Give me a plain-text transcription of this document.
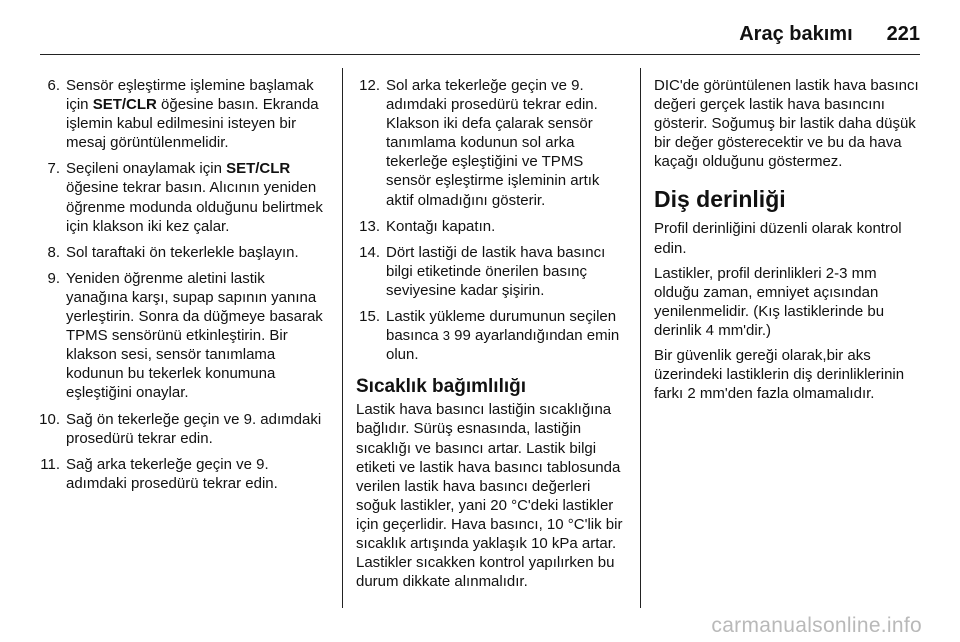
Araç bakımı 221
6. Sensör eşleştirme işlemine başlamak için SET/CLR öğesine basın. Ekranda işlemin kabul edilmesini isteyen bir mesaj görüntülenmelidir.
7. Seçileni onaylamak için SET/CLR öğesine tekrar basın. Alıcının yeniden öğrenme modunda olduğunu belirtmek için klakson iki kez çalar.
8. Sol taraftaki ön tekerlekle başlayın.
9. Yeniden öğrenme aletini lastik yanağına karşı, supap sapının yanına yerleştirin. Sonra da düğmeye basarak TPMS sensörünü etkinleştirin. Bir klakson sesi, sensör tanımlama kodunun bu tekerlek konumuna eşleştiğini onaylar.
10. Sağ ön tekerleğe geçin ve 9. adımdaki prosedürü tekrar edin.
11. Sağ arka tekerleğe geçin ve 9. adımdaki prosedürü tekrar edin.
12. Sol arka tekerleğe geçin ve 9. adımdaki prosedürü tekrar edin. Klakson iki defa çalarak sensör tanımlama kodunun sol arka tekerleğe eşleştiğini ve TPMS sensör eşleştirme işleminin artık aktif olmadığını gösterir.
13. Kontağı kapatın.
14. Dört lastiği de lastik hava basıncı bilgi etiketinde önerilen basınç seviyesine kadar şişirin.
15. Lastik yükleme durumunun seçilen basınca 3 99 ayarlandığından emin olun.
Sıcaklık bağımlılığı
Lastik hava basıncı lastiğin sıcaklığına bağlıdır. Sürüş esnasında, lastiğin sıcaklığı ve basıncı artar. Lastik bilgi etiketi ve lastik hava basıncı tablosunda verilen lastik hava basıncı değerleri soğuk lastikler, yani 20 °C'deki lastikler için geçerlidir. Hava basıncı, 10 °C'lik bir sıcaklık artışında yaklaşık 10 kPa artar. Lastikler sıcakken kontrol yapılırken bu durum dikkate alınmalıdır.
DIC'de görüntülenen lastik hava basıncı değeri gerçek lastik hava basıncını gösterir. Soğumuş bir lastik daha düşük bir değer gösterecektir ve bu da hava kaçağı olduğunu göstermez.
Diş derinliği
Profil derinliğini düzenli olarak kontrol edin.
Lastikler, profil derinlikleri 2-3 mm olduğu zaman, emniyet açısından yenilenmelidir. (Kış lastiklerinde bu derinlik 4 mm'dir.)
Bir güvenlik gereği olarak,bir aks üzerindeki lastiklerin diş derinliklerinin farkı 2 mm'den fazla olmamalıdır.
carmanualsonline.info
